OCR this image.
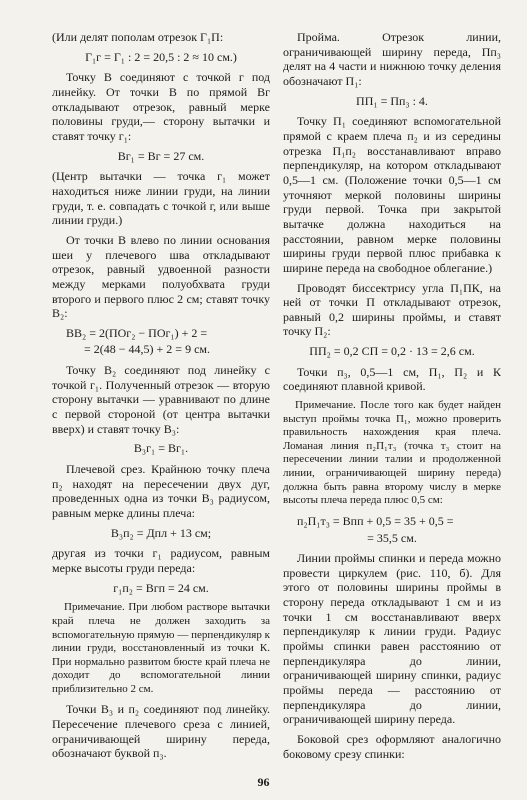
(Или делят пополам отрезок Г₁П:

Г₁г = Г₁ : 2 = 20,5 : 2 ≈ 10 см.)

Точку В соединяют с точкой г под линейку. От точки В по прямой Вг откладывают отрезок, равный мерке половины груди,— сторону вытачки и ставят точку г₁:

Вг₁ = Вг = 27 см.

(Центр вытачки — точка г₁ может находиться ниже линии груди, на линии груди, т. е. совпадать с точкой г, или выше линии груди.)

От точки В влево по линии основания шеи у плечевого шва откладывают отрезок, равный удвоенной разности между мерками полуобхвата груди второго и первого плюс 2 см; ставят точку В₂:

ВВ₂ = 2(ПОг₂ − ПОг₁) + 2 =

= 2(48 − 44,5) + 2 = 9 см.

Точку В₂ соединяют под линейку с точкой г₁. Полученный отрезок — вторую сторону вытачки — уравнивают по длине с первой стороной (от центра вытачки вверх) и ставят точку В₃:

В₃г₁ = Вг₁.

Плечевой срез. Крайнюю точку плеча п₂ находят на пересечении двух дуг, проведенных одна из точки В₃ радиусом, равным мерке длины плеча:

В₃п₂ = Дпл + 13 см;

другая из точки г₁ радиусом, равным мерке высоты груди переда:

г₁п₂ = Вгп = 24 см.

Примечание. При любом растворе вытачки край плеча не должен заходить за вспомогательную прямую — перпендикуляр к линии груди, восстановленный из точки К. При нормально развитом бюсте край плеча не доходит до вспомогательной линии приблизительно 2 см.

Точки В₃ и п₂ соединяют под линейку. Пересечение плечевого среза с линией, ограничивающей ширину переда, обозначают буквой п₃.

Пройма. Отрезок линии, ограничивающей ширину переда, Пп₃ делят на 4 части и нижнюю точку деления обозначают П₁:

ПП₁ = Пп₃ : 4.

Точку П₁ соединяют вспомогательной прямой с краем плеча п₂ и из середины отрезка П₁п₂ восстанавливают вправо перпендикуляр, на котором откладывают 0,5—1 см. (Положение точки 0,5—1 см уточняют меркой половины ширины груди первой. Точка при закрытой вытачке должна находиться на расстоянии, равном мерке половины ширины груди первой плюс прибавка к ширине переда на свободное облегание.)

Проводят биссектрису угла П₁ПК, на ней от точки П откладывают отрезок, равный 0,2 ширины проймы, и ставят точку П₂:

ПП₂ = 0,2 СП = 0,2 · 13 = 2,6 см.

Точки п₃, 0,5—1 см, П₁, П₂ и К соединяют плавной кривой.

Примечание. После того как будет найден выступ проймы точка П₁, можно проверить правильность нахождения края плеча. Ломаная линия п₂П₁т₃ (точка т₃ стоит на пересечении линии талии и продолженной линии, ограничивающей ширину переда) должна быть равна второму числу в мерке высоты плеча переда плюс 0,5 см:

п₂П₁т₃ = Впп + 0,5 = 35 + 0,5 =

= 35,5 см.

Линии проймы спинки и переда можно провести циркулем (рис. 110, б). Для этого от половины ширины проймы в сторону переда откладывают 1 см и из точки 1 см восстанавливают вверх перпендикуляр к линии груди. Радиус проймы спинки равен расстоянию от перпендикуляра до линии, ограничивающей ширину спинки, радиус проймы переда — расстоянию от перпендикуляра до линии, ограничивающей ширину переда.

Боковой срез оформляют аналогично боковому срезу спинки:

96
